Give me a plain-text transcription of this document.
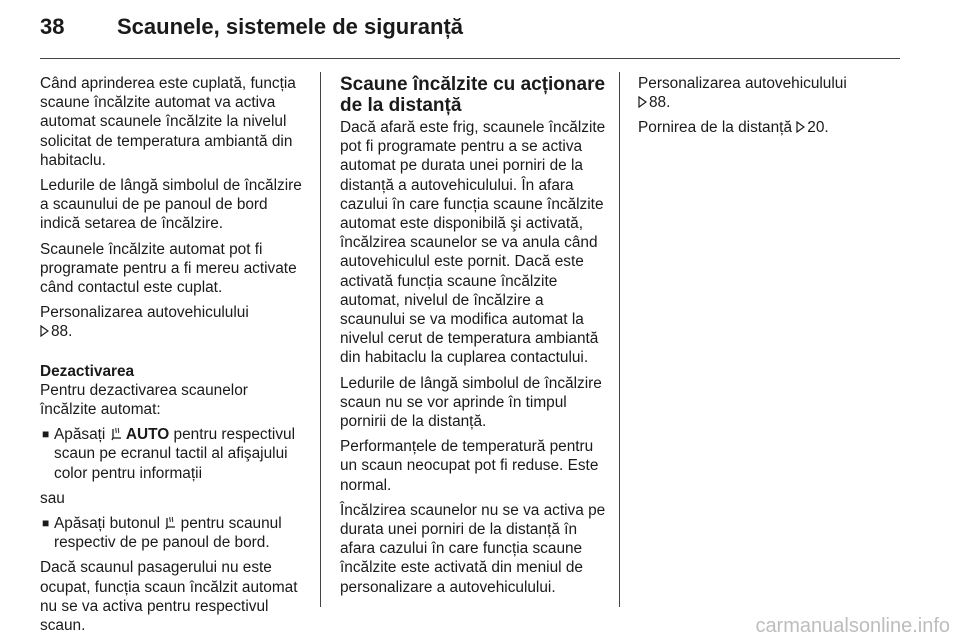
38 Scaunele, sistemele de siguranță

Când aprinderea este cuplată, funcția scaune încălzite automat va activa automat scaunele încălzite la nivelul solicitat de temperatura ambiantă din habitaclu.

Ledurile de lângă simbolul de încălzire a scaunului de pe panoul de bord indică setarea de încălzire.

Scaunele încălzite automat pot fi programate pentru a fi mereu activate când contactul este cuplat.

Personalizarea autovehiculului
88.

Dezactivarea

Pentru dezactivarea scaunelor încălzite automat:

■ Apăsați AUTO pentru respectivul scaun pe ecranul tactil al afişajului color pentru informații

sau

■ Apăsați butonul pentru scaunul respectiv de pe panoul de bord.

Dacă scaunul pasagerului nu este ocupat, funcția scaun încălzit automat nu se va activa pentru respectivul scaun.

Scaune încălzite cu acționare de la distanță

Dacă afară este frig, scaunele încălzite pot fi programate pentru a se activa automat pe durata unei porniri de la distanță a autovehiculului. În afara cazului în care funcția scaune încălzite automat este disponibilă şi activată, încălzirea scaunelor se va anula când autovehiculul este pornit. Dacă este activată funcția scaune încălzite automat, nivelul de încălzire a scaunului se va modifica automat la nivelul cerut de temperatura ambiantă din habitaclu la cuplarea contactului.

Ledurile de lângă simbolul de încălzire scaun nu se vor aprinde în timpul pornirii de la distanță.

Performanțele de temperatură pentru un scaun neocupat pot fi reduse. Este normal.

Încălzirea scaunelor nu se va activa pe durata unei porniri de la distanță în afara cazului în care funcția scaune încălzite este activată din meniul de personalizare a autovehiculului.

Personalizarea autovehiculului
88.

Pornirea de la distanță 20.

carmanualsonline.info
